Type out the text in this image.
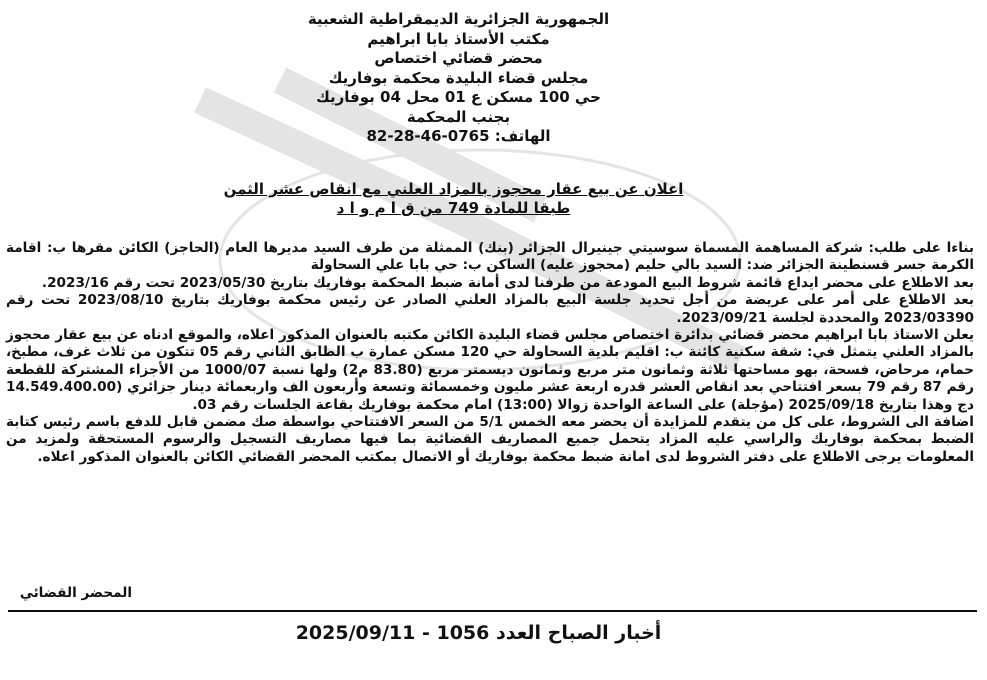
الجمهورية الجزائرية الديمقراطية الشعبية
مكتب الأستاذ بابا ابراهيم
محضر قضائي اختصاص
مجلس قضاء البليدة محكمة بوفاريك
حي 100 مسكن ع 01 محل 04 بوفاريك
بجنب المحكمة
الهاتف: 0765-46-28-82
اعلان عن بيع عقار محجوز بالمزاد العلني مع انقاص عشر الثمن
طبقا للمادة 749 من ق ا م و ا د

بناءا على طلب: شركة المساهمة المسماة سوسيتي جينيرال الجزائر (بنك) الممثلة من طرف السيد مديرها العام (الحاجز) الكائن مقرها ب: اقامة الكرمة جسر قسنطينة الجزائر ضد: السيد بالي حليم (محجوز عليه) الساكن ب: حي بابا علي السحاولة

بعد الاطلاع على محضر ايداع قائمة شروط البيع المودعة من طرفنا لدى أمانة ضبط المحكمة بوفاريك بتاريخ 2023/05/30 تحت رقم 2023/16.

بعد الاطلاع على أمر على عريضة من أجل تحديد جلسة البيع بالمزاد العلني الصادر عن رئيس محكمة بوفاريك بتاريخ 2023/08/10 تحت رقم 2023/03390 والمحددة لجلسة 2023/09/21.

يعلن الاستاذ بابا ابراهيم محضر قضائي بدائرة اختصاص مجلس قضاء البليدة الكائن مكتبه بالعنوان المذكور اعلاه، والموقع ادناه عن بيع عقار محجوز بالمزاد العلني يتمثل في: شقة سكنية كائنة ب: اقليم بلدية السحاولة حي 120 مسكن عمارة ب الطابق الثاني رقم 05 تتكون من ثلاث غرف، مطبخ، حمام، مرحاض، فسحة، بهو مساحتها ثلاثة وثمانون متر مربع وثمانون ديسمتر مربع (83.80 م2) ولها نسبة 1000/07 من الأجزاء المشتركة للقطعة رقم 87 رقم 79 بسعر افتتاحي بعد انقاص العشر قدره اربعة عشر مليون وخمسمائة وتسعة وأربعون الف واربعمائة دينار جزائري (14.549.400.00 دج وهذا بتاريخ 2025/09/18 (مؤجلة) على الساعة الواحدة زوالا (13:00) امام محكمة بوفاريك بقاعة الجلسات رقم 03.

اضافة الى الشروط، على كل من يتقدم للمزايدة أن يحضر معه الخمس 5/1 من السعر الافتتاحي بواسطة صك مضمن قابل للدفع باسم رئيس كتابة الضبط بمحكمة بوفاريك والراسي عليه المزاد يتحمل جميع المصاريف القضائية بما فيها مصاريف التسجيل والرسوم المستحقة ولمزيد من المعلومات يرجى الاطلاع على دفتر الشروط لدى امانة ضبط محكمة بوفاريك أو الاتصال بمكتب المحضر القضائي الكائن بالعنوان المذكور اعلاه.

المحضر القضائي
أخبار الصباح العدد 1056 - 2025/09/11
